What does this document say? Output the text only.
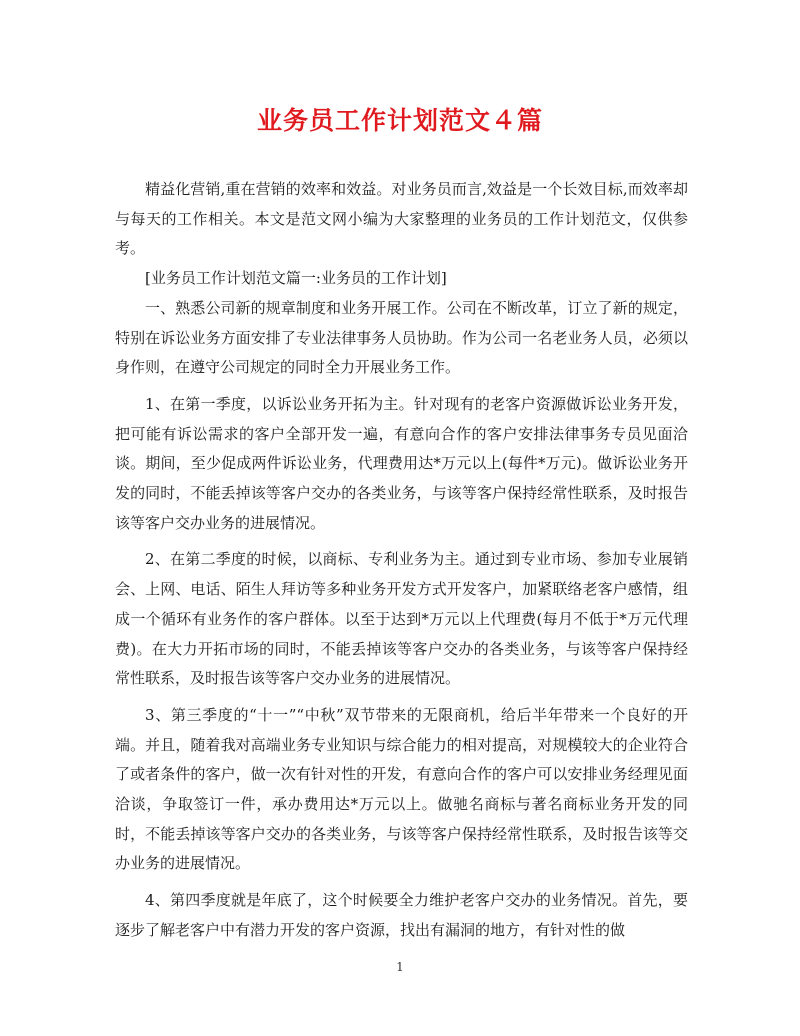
业务员工作计划范文４篇

精益化营销,重在营销的效率和效益。对业务员而言,效益是一个长效目标,而效率却与每天的工作相关。本文是范文网小编为大家整理的业务员的工作计划范文，仅供参考。

[业务员工作计划范文篇一:业务员的工作计划]

一、熟悉公司新的规章制度和业务开展工作。公司在不断改革，订立了新的规定，特别在诉讼业务方面安排了专业法律事务人员协助。作为公司一名老业务人员，必须以身作则，在遵守公司规定的同时全力开展业务工作。

1、在第一季度，以诉讼业务开拓为主。针对现有的老客户资源做诉讼业务开发，把可能有诉讼需求的客户全部开发一遍，有意向合作的客户安排法律事务专员见面洽谈。期间，至少促成两件诉讼业务，代理费用达*万元以上(每件*万元)。做诉讼业务开发的同时，不能丢掉该等客户交办的各类业务，与该等客户保持经常性联系，及时报告该等客户交办业务的进展情况。

2、在第二季度的时候，以商标、专利业务为主。通过到专业市场、参加专业展销会、上网、电话、陌生人拜访等多种业务开发方式开发客户，加紧联络老客户感情，组成一个循环有业务作的客户群体。以至于达到*万元以上代理费(每月不低于*万元代理费)。在大力开拓市场的同时，不能丢掉该等客户交办的各类业务，与该等客户保持经常性联系，及时报告该等客户交办业务的进展情况。

3、第三季度的“十一”“中秋”双节带来的无限商机，给后半年带来一个良好的开端。并且，随着我对高端业务专业知识与综合能力的相对提高，对规模较大的企业符合了或者条件的客户，做一次有针对性的开发，有意向合作的客户可以安排业务经理见面洽谈，争取签订一件，承办费用达*万元以上。做驰名商标与著名商标业务开发的同时，不能丢掉该等客户交办的各类业务，与该等客户保持经常性联系，及时报告该等交办业务的进展情况。

4、第四季度就是年底了，这个时候要全力维护老客户交办的业务情况。首先，要逐步了解老客户中有潜力开发的客户资源，找出有漏洞的地方，有针对性的做

1
